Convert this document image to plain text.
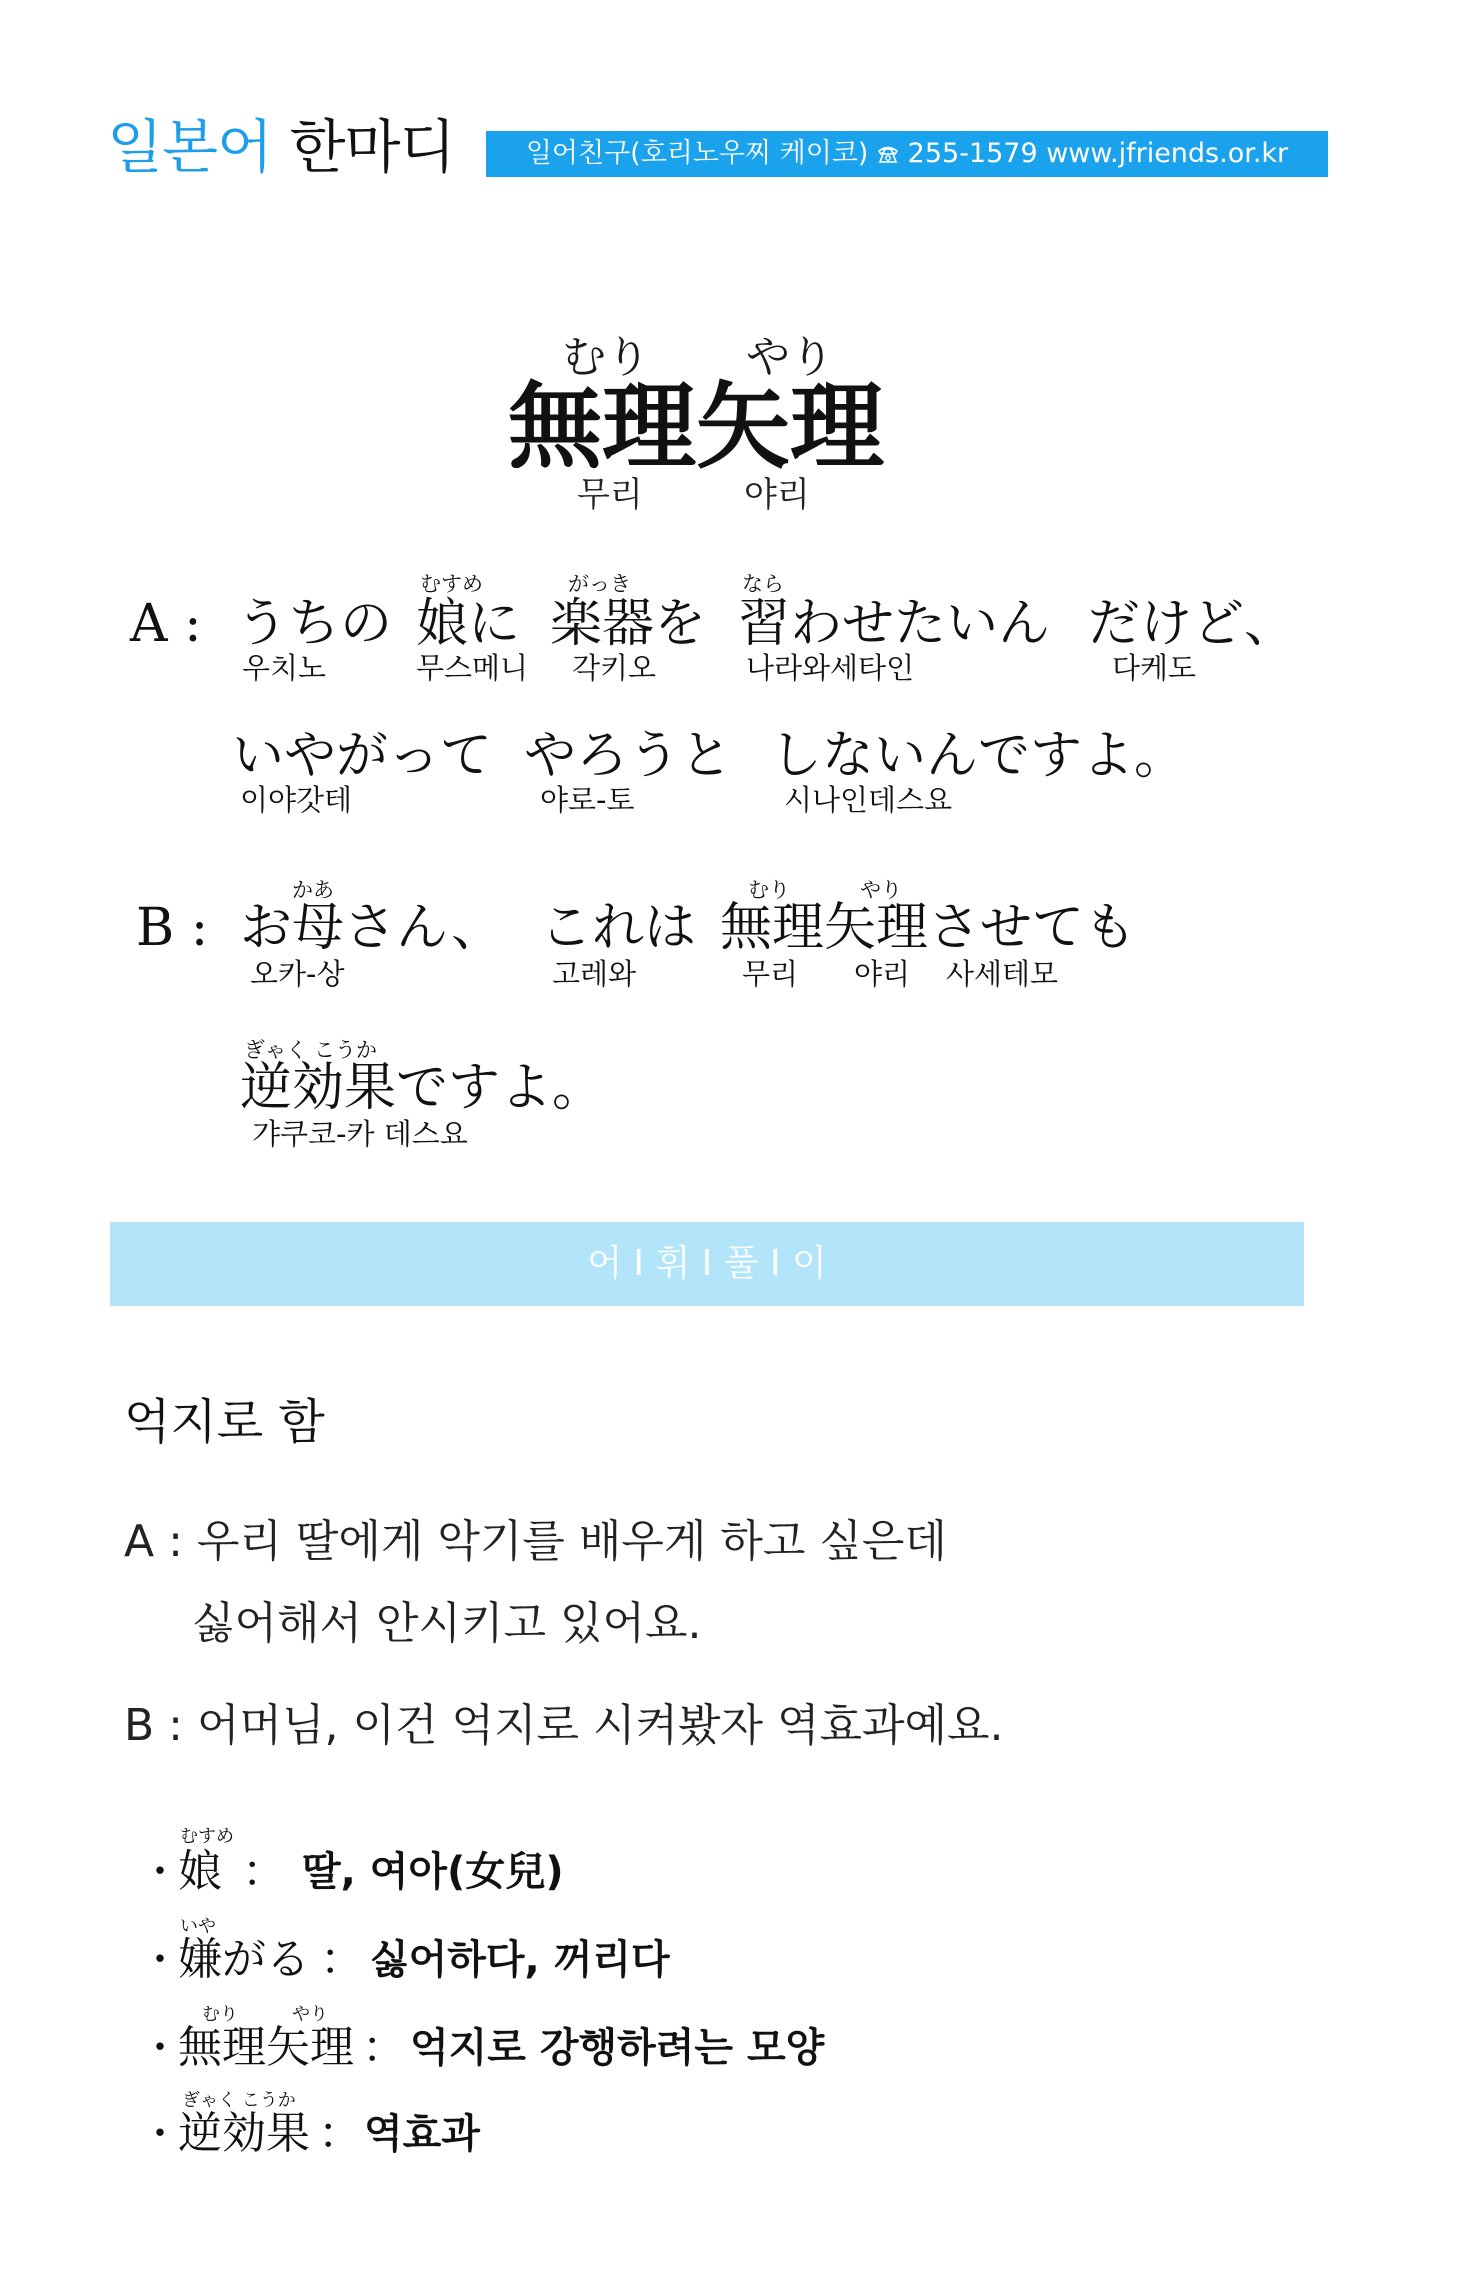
일본어 한마디	일어친구(호리노우찌 케이코) 255-1579 www.jfriends.or.kr
むり やり
無理矢理
무리	야리
A : うちの
우치노
むすめ
娘に
무스메니
がっき
楽器を
각키오
なら
習わせたいん
나라와세타인
だけど、
다케도
いやがって
이야갓테
やろうと
야로-토
しないんですよ。
시나인데스요
B :
かあ
お母さん、
오카-상
これは
고레와
むり	やり
無理矢理させても
무리 야리 사세테모
ぎゃく こうか
逆効果ですよ。
갸쿠코-카 데스요
어 I 휘 I 풀 I 이
억지로 함
A : 우리 딸에게 악기를 배우게 하고 싶은데
싫어해서 안시키고 있어요.
B : 어머님, 이건 억지로 시켜봤자 역효과예요.
むすめ
・
娘 ： 딸, 여아(女兒)
いや
・
嫌がる ： 싫어하다, 꺼리다
むり　　　やり
・
無理矢理 ： 억지로 강행하려는 모양
ぎゃく こうか
・
逆効果 ： 역효과
